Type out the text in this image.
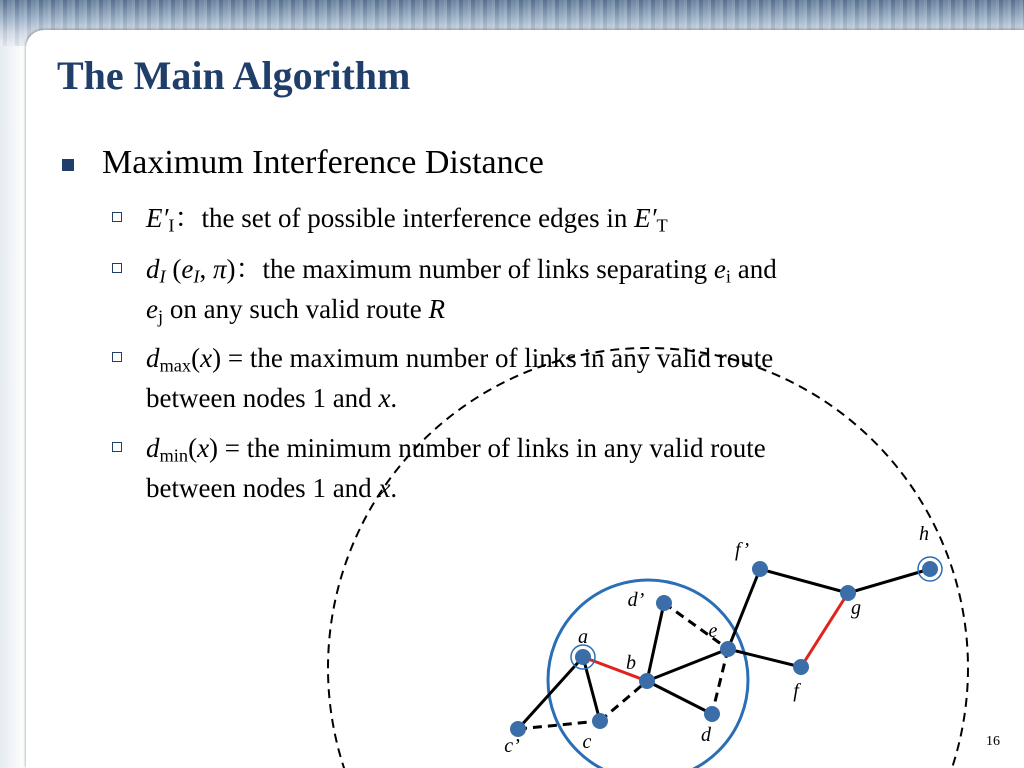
The Main Algorithm
Maximum Interference Distance
$E'_I$：the set of possible interference edges in $E'_T$
$d_I$ ($e_I$, π)：the maximum number of links separating $e_i$ and
$e_j$ on any such valid route R
$d_{max}(x)$ = the maximum number of links in any valid route
between nodes 1 and x.
$d_{min}(x)$ = the minimum number of links in any valid route
between nodes 1 and x.
a
b
c
c’	d
d’
e
f
f’
g
h
16
